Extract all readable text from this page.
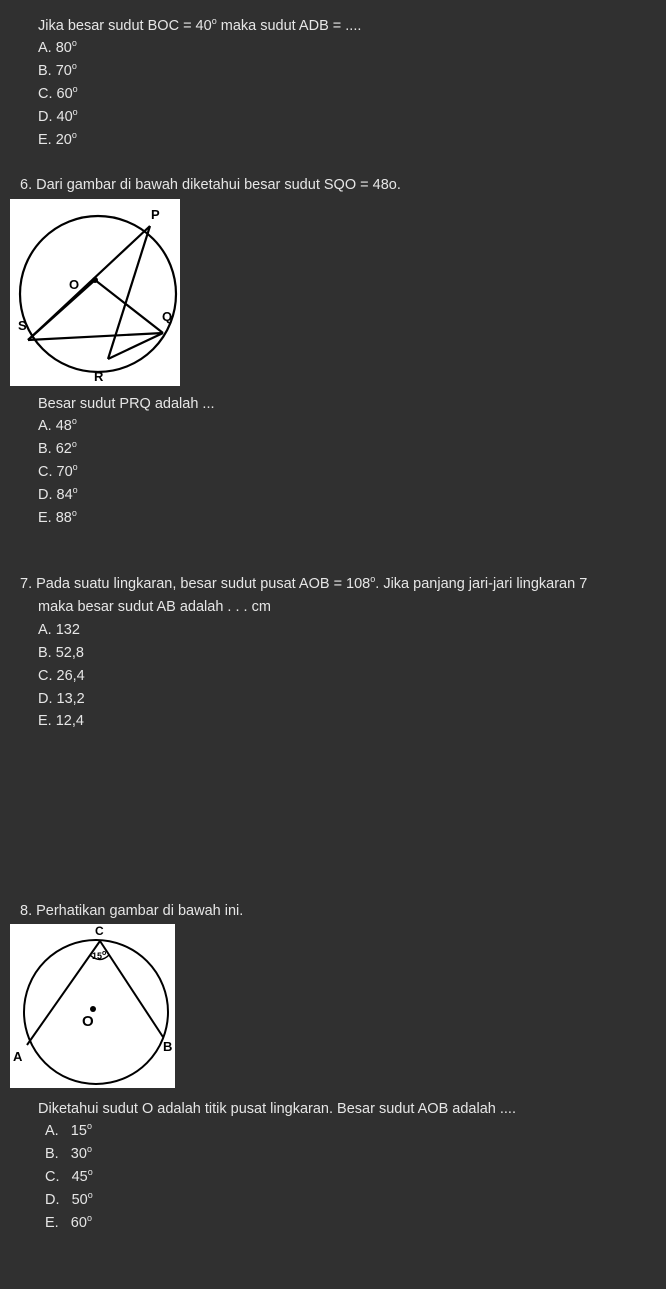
Jika besar sudut BOC = $40^o$ maka sudut ADB = ....
A. 80$^o$
B. 70$^o$
C. 60$^o$
D. 40$^o$
E. 20$^o$
6. Dari gambar di bawah diketahui besar sudut SQO = 48o.
P
O
S
Q
R
Besar sudut PRQ adalah ...
A. 48$^o$
B. 62$^o$
C. 70$^o$
D. 84$^o$
E. 88$^o$
7. Pada suatu lingkaran, besar sudut pusat AOB = $108^o$. Jika panjang jari-jari lingkaran 7
maka besar sudut AB adalah . . . cm
A. 132
B. 52,8
C. 26,4
D. 13,2
E. 12,4
8. Perhatikan gambar di bawah ini.
C
15$^o$
O
A
B
Diketahui sudut O adalah titik pusat lingkaran. Besar sudut AOB adalah ....
A.   15$^o$
B.   30$^o$
C.   45$^o$
D.   50$^o$
E.   60$^o$
